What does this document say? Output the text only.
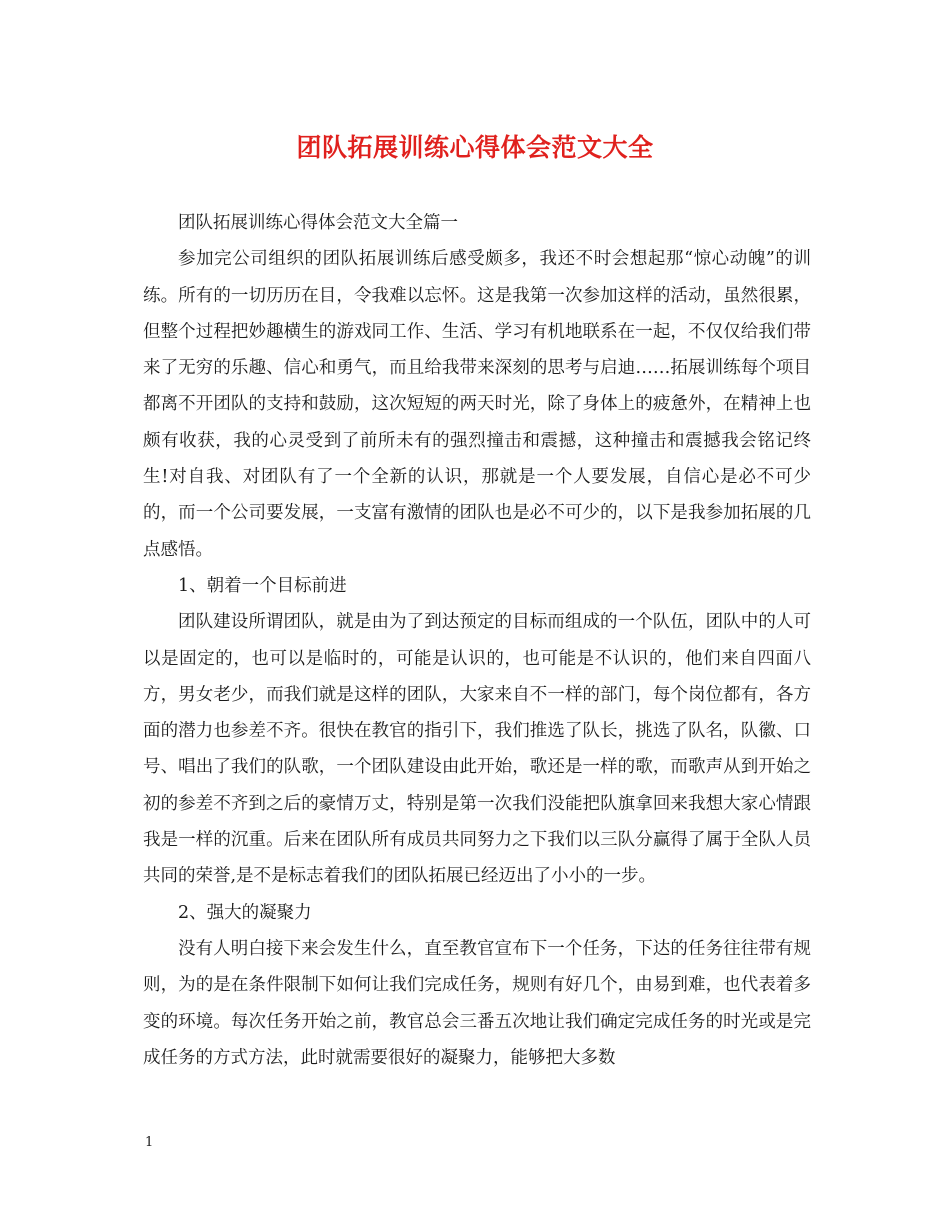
团队拓展训练心得体会范文大全

团队拓展训练心得体会范文大全篇一

参加完公司组织的团队拓展训练后感受颇多，我还不时会想起那“惊心动魄”的训练。所有的一切历历在目，令我难以忘怀。这是我第一次参加这样的活动，虽然很累，但整个过程把妙趣横生的游戏同工作、生活、学习有机地联系在一起，不仅仅给我们带来了无穷的乐趣、信心和勇气，而且给我带来深刻的思考与启迪……拓展训练每个项目都离不开团队的支持和鼓励，这次短短的两天时光，除了身体上的疲惫外，在精神上也颇有收获，我的心灵受到了前所未有的强烈撞击和震撼，这种撞击和震撼我会铭记终生!对自我、对团队有了一个全新的认识，那就是一个人要发展，自信心是必不可少的，而一个公司要发展，一支富有激情的团队也是必不可少的，以下是我参加拓展的几点感悟。

1、朝着一个目标前进

团队建设所谓团队，就是由为了到达预定的目标而组成的一个队伍，团队中的人可以是固定的，也可以是临时的，可能是认识的，也可能是不认识的，他们来自四面八方，男女老少，而我们就是这样的团队，大家来自不一样的部门，每个岗位都有，各方面的潜力也参差不齐。很快在教官的指引下，我们推选了队长，挑选了队名，队徽、口号、唱出了我们的队歌，一个团队建设由此开始，歌还是一样的歌，而歌声从到开始之初的参差不齐到之后的豪情万丈，特别是第一次我们没能把队旗拿回来我想大家心情跟我是一样的沉重。后来在团队所有成员共同努力之下我们以三队分赢得了属于全队人员共同的荣誉,是不是标志着我们的团队拓展已经迈出了小小的一步。

2、强大的凝聚力

没有人明白接下来会发生什么，直至教官宣布下一个任务，下达的任务往往带有规则，为的是在条件限制下如何让我们完成任务，规则有好几个，由易到难，也代表着多变的环境。每次任务开始之前，教官总会三番五次地让我们确定完成任务的时光或是完成任务的方式方法，此时就需要很好的凝聚力，能够把大多数

1
